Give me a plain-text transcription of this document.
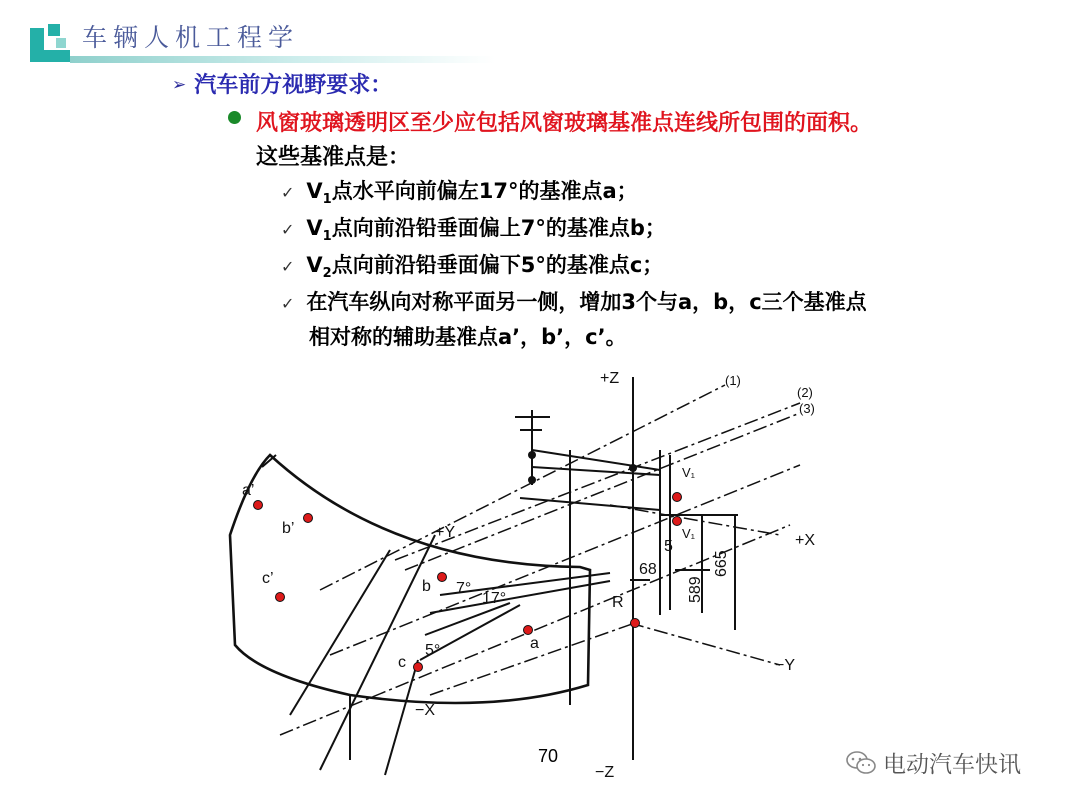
车辆人机工程学
➢ 汽车前方视野要求：
风窗玻璃透明区至少应包括风窗玻璃基准点连线所包围的面积。
这些基准点是：
✓ $V_1$点水平向前偏左17°的基准点a；
✓ $V_1$点向前沿铅垂面偏上7°的基准点b；
✓ $V_2$点向前沿铅垂面偏下5°的基准点c；
✓ 在汽车纵向对称平面另一侧，增加3个与a，b，c三个基准点
相对称的辅助基准点a’，b’，c’。
+Z
−Z
+X
−X
+Y
−Y
(1)
(2)
(3)
a
b
c
a’
b’
c’
R
V₁
V₁
7°
17°
5°
68
5
589
665
70	电动汽车快讯
